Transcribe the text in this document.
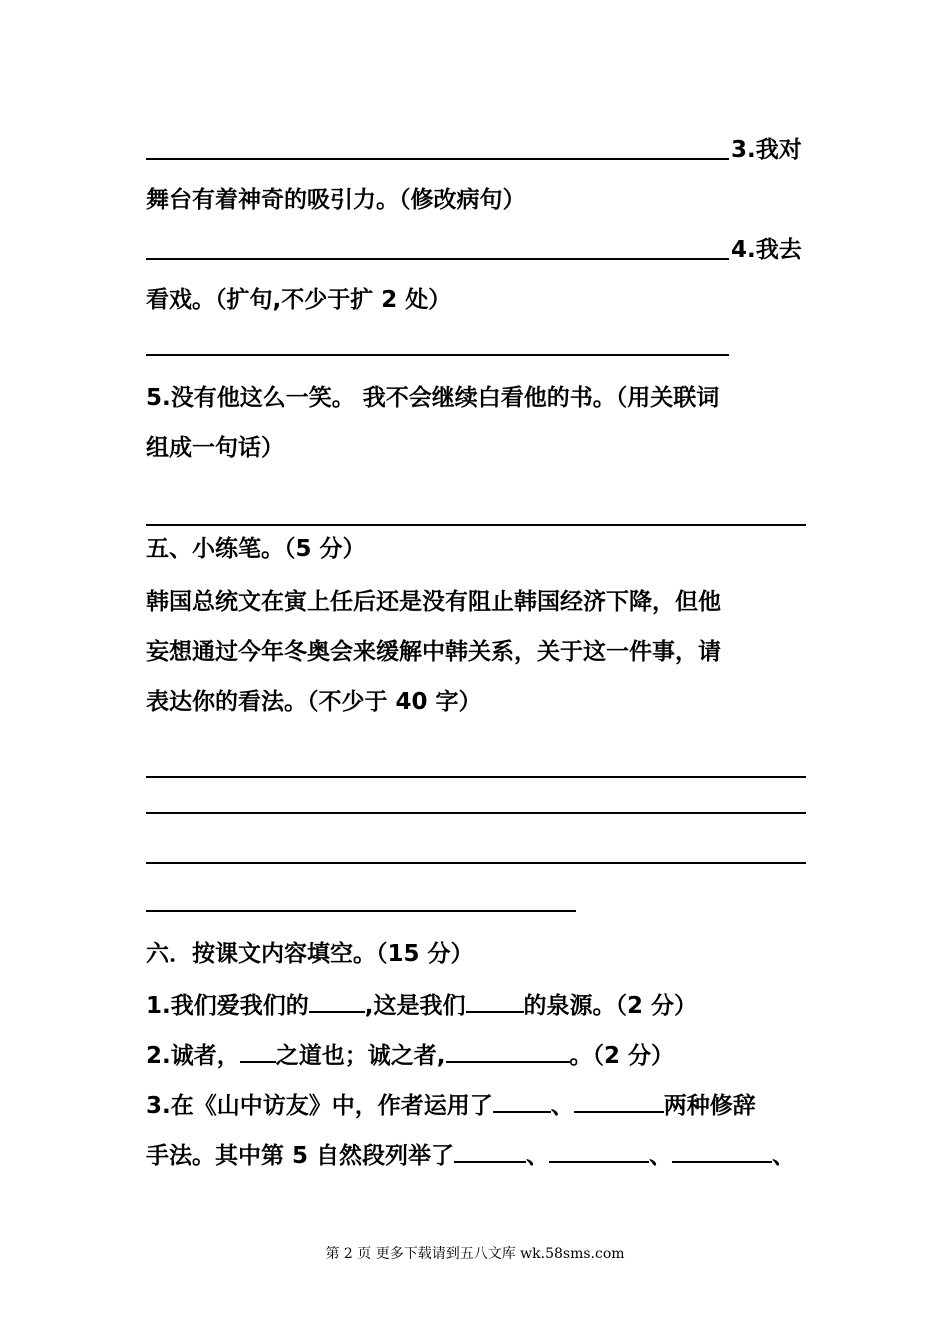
3.我对
舞台有着神奇的吸引力。（修改病句）
4.我去
看戏。（扩句,不少于扩 2 处）
5.没有他这么一笑。 我不会继续白看他的书。（用关联词
组成一句话）
五、小练笔。（5 分）
韩国总统文在寅上任后还是没有阻止韩国经济下降，但他
妄想通过今年冬奥会来缓解中韩关系，关于这一件事，请
表达你的看法。（不少于 40 字）
六．按课文内容填空。（15 分）
1.我们爱我们的 ,这是我们	的泉源。（2 分）
2.诚者， 之道也；诚之者,	。（2 分）
3.在《山中访友》中，作者运用了	、	两种修辞
手法。其中第 5 自然段列举了	、	、	、
第 2 页 更多下载请到五八文库 wk.58sms.com
